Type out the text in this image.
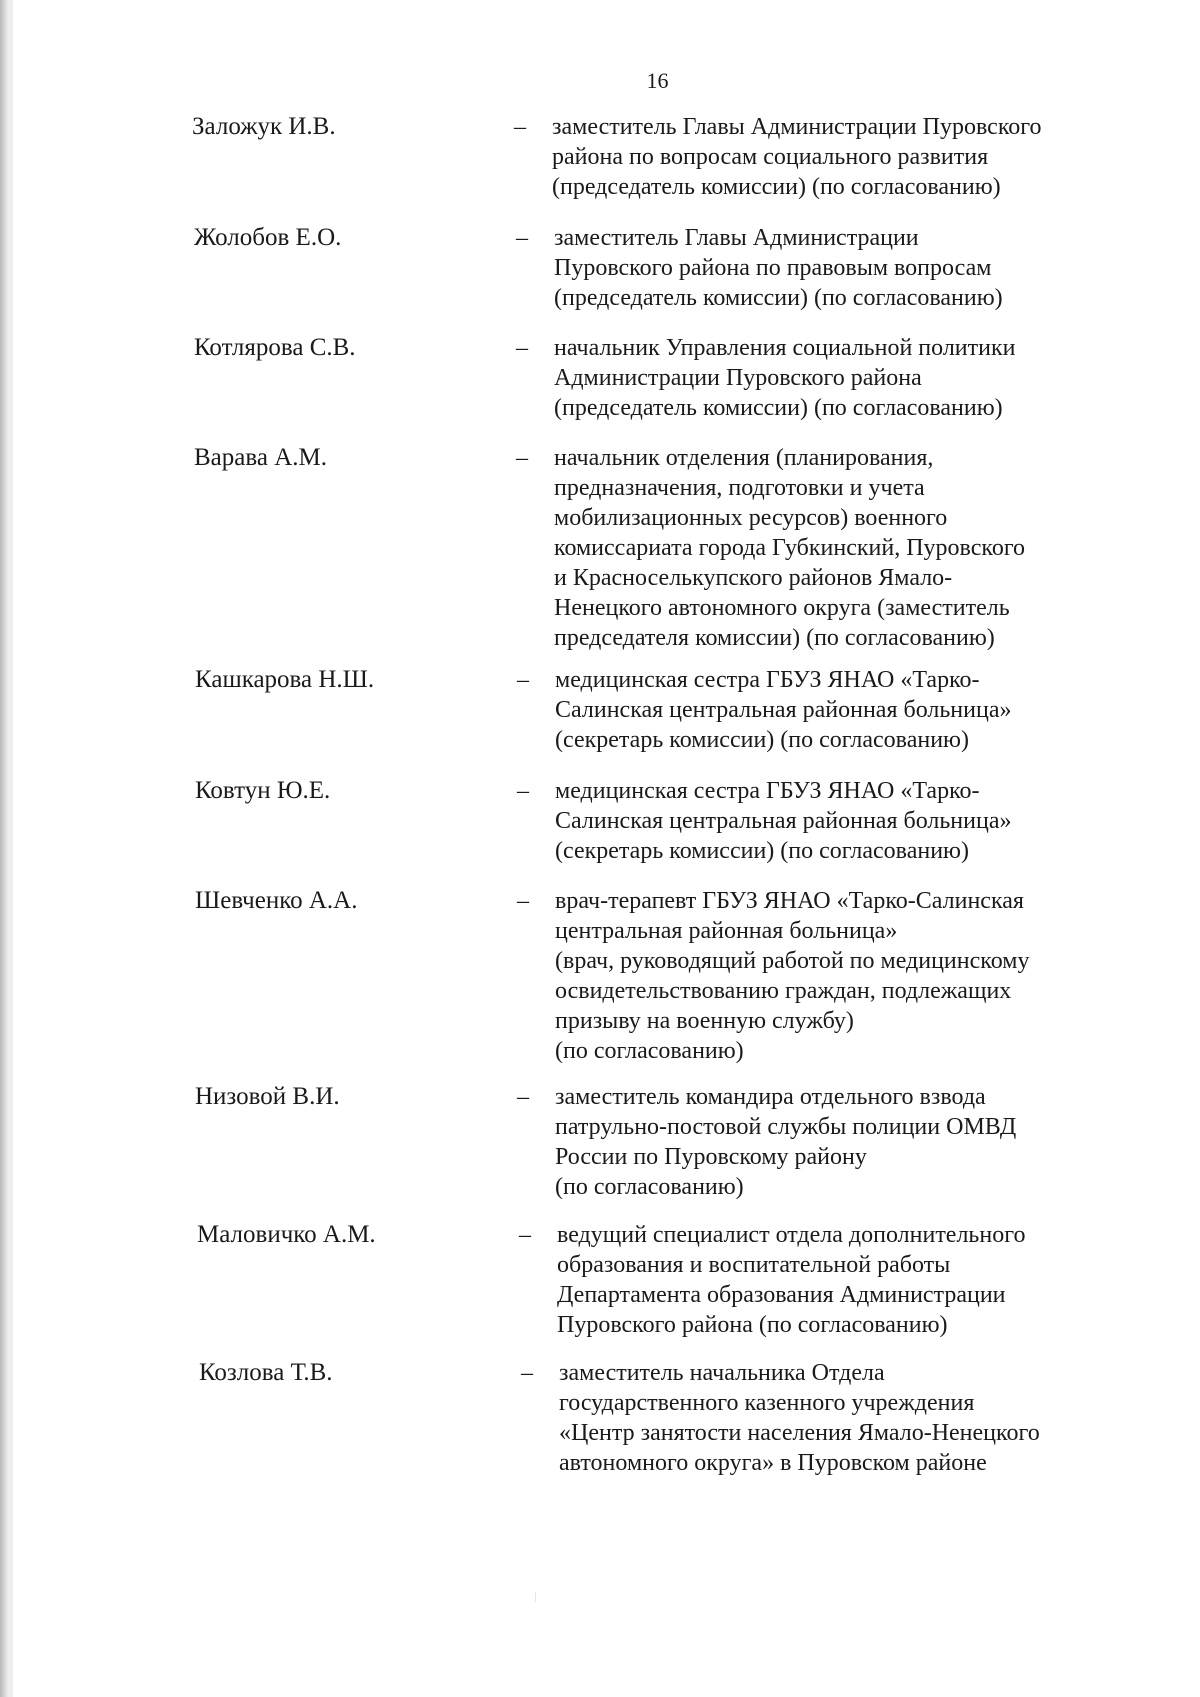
16
Заложук И.В.	– заместитель Главы Администрации Пуровского
района по вопросам социального развития
(председатель комиссии) (по согласованию)
Жолобов Е.О.	– заместитель Главы Администрации
Пуровского района по правовым вопросам
(председатель комиссии) (по согласованию)
Котлярова С.В.	– начальник Управления социальной политики
Администрации Пуровского района
(председатель комиссии) (по согласованию)
Варава А.М.	– начальник отделения (планирования,
предназначения, подготовки и учета
мобилизационных ресурсов) военного
комиссариата города Губкинский, Пуровского
и Красноселькупского районов Ямало-
Ненецкого автономного округа (заместитель
председателя комиссии) (по согласованию)
Кашкарова Н.Ш.	– медицинская сестра ГБУЗ ЯНАО «Тарко-
Салинская центральная районная больница»
(секретарь комиссии) (по согласованию)
Ковтун Ю.Е.	– медицинская сестра ГБУЗ ЯНАО «Тарко-
Салинская центральная районная больница»
(секретарь комиссии) (по согласованию)
Шевченко А.А.	– врач-терапевт ГБУЗ ЯНАО «Тарко-Салинская
центральная районная больница»
(врач, руководящий работой по медицинскому
освидетельствованию граждан, подлежащих
призыву на военную службу)
(по согласованию)
Низовой В.И.	– заместитель командира отдельного взвода
патрульно-постовой службы полиции ОМВД
России по Пуровскому району
(по согласованию)
Маловичко А.М.	– ведущий специалист отдела дополнительного
образования и воспитательной работы
Департамента образования Администрации
Пуровского района (по согласованию)
Козлова Т.В.	– заместитель начальника Отдела
государственного казенного учреждения
«Центр занятости населения Ямало-Ненецкого
автономного округа» в Пуровском районе
